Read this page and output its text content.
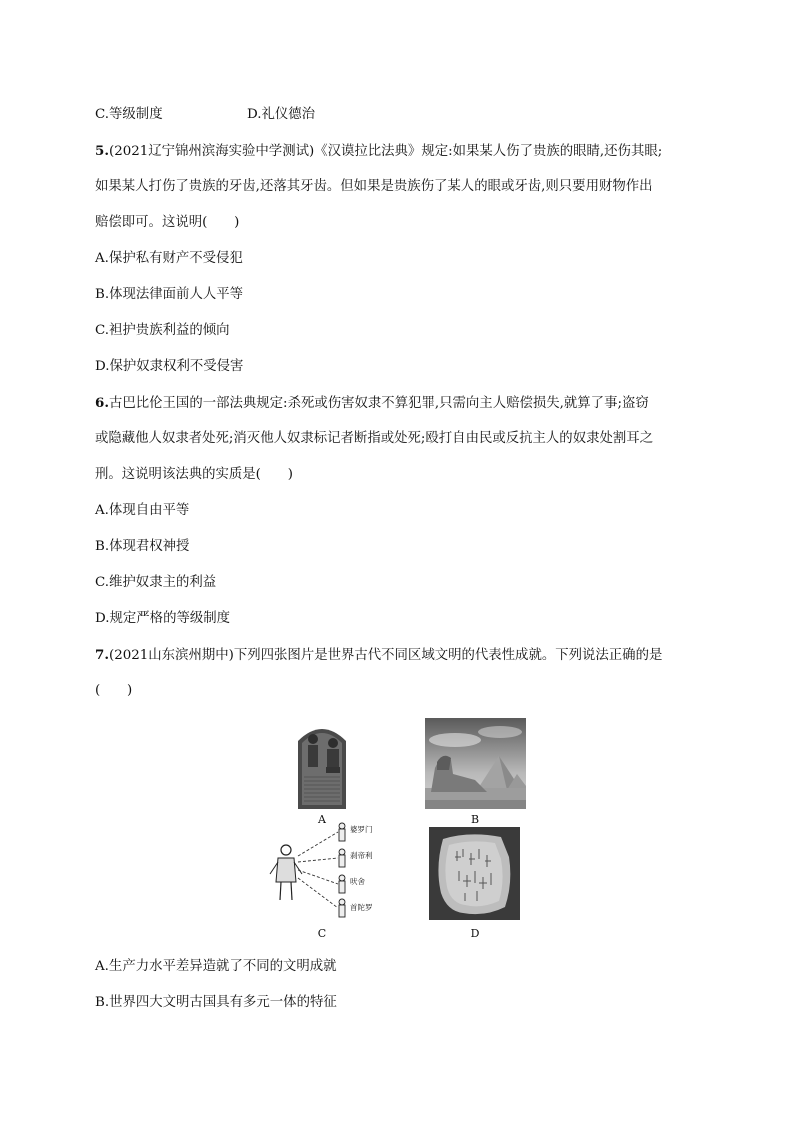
C.等级制度	D.礼仪德治
5.(2021辽宁锦州滨海实验中学测试)《汉谟拉比法典》规定:如果某人伤了贵族的眼睛,还伤其眼;
如果某人打伤了贵族的牙齿,还落其牙齿。但如果是贵族伤了某人的眼或牙齿,则只要用财物作出
赔偿即可。这说明(　　)
A.保护私有财产不受侵犯
B.体现法律面前人人平等
C.袒护贵族利益的倾向
D.保护奴隶权利不受侵害
6.古巴比伦王国的一部法典规定:杀死或伤害奴隶不算犯罪,只需向主人赔偿损失,就算了事;盗窃
或隐藏他人奴隶者处死;消灭他人奴隶标记者断指或处死;殴打自由民或反抗主人的奴隶处割耳之
刑。这说明该法典的实质是(　　)
A.体现自由平等
B.体现君权神授
C.维护奴隶主的利益
D.规定严格的等级制度
7.(2021山东滨州期中)下列四张图片是世界古代不同区域文明的代表性成就。下列说法正确的是
(　　)
A	B
婆罗门
刹帝利
吠舍
首陀罗
C	D
A.生产力水平差异造就了不同的文明成就
B.世界四大文明古国具有多元一体的特征
